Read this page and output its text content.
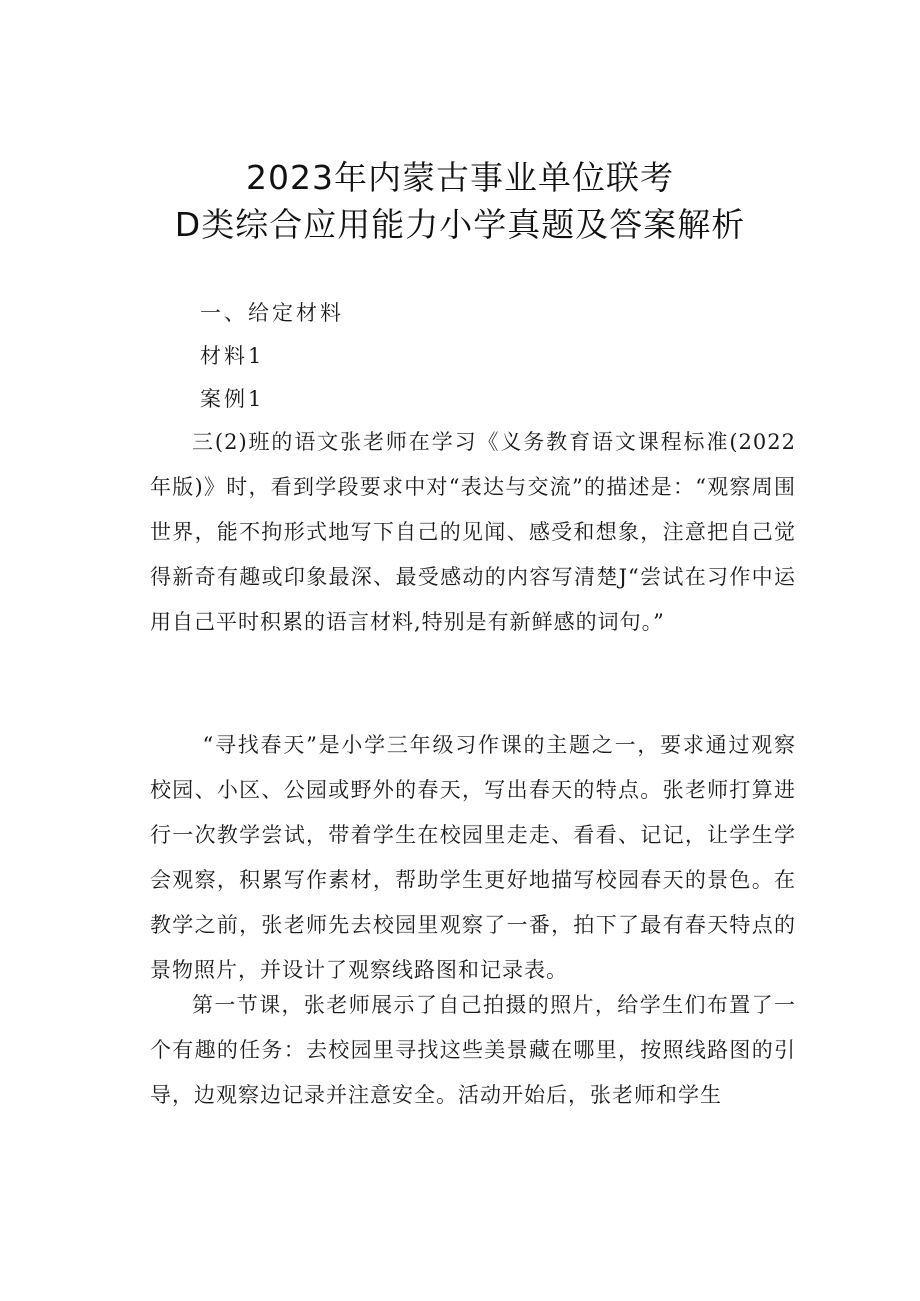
2023年内蒙古事业单位联考
D类综合应用能力小学真题及答案解析
一、给定材料
材料1
案例1

三(2)班的语文张老师在学习《义务教育语文课程标准(2022年版)》时，看到学段要求中对“表达与交流”的描述是：“观察周围世界，能不拘形式地写下自己的见闻、感受和想象，注意把自己觉得新奇有趣或印象最深、最受感动的内容写清楚J“尝试在习作中运用自己平时积累的语言材料,特别是有新鲜感的词句。”

“寻找春天”是小学三年级习作课的主题之一，要求通过观察校园、小区、公园或野外的春天，写出春天的特点。张老师打算进行一次教学尝试，带着学生在校园里走走、看看、记记，让学生学会观察，积累写作素材，帮助学生更好地描写校园春天的景色。在教学之前，张老师先去校园里观察了一番，拍下了最有春天特点的景物照片，并设计了观察线路图和记录表。

第一节课，张老师展示了自己拍摄的照片，给学生们布置了一个有趣的任务：去校园里寻找这些美景藏在哪里，按照线路图的引导，边观察边记录并注意安全。活动开始后，张老师和学生
